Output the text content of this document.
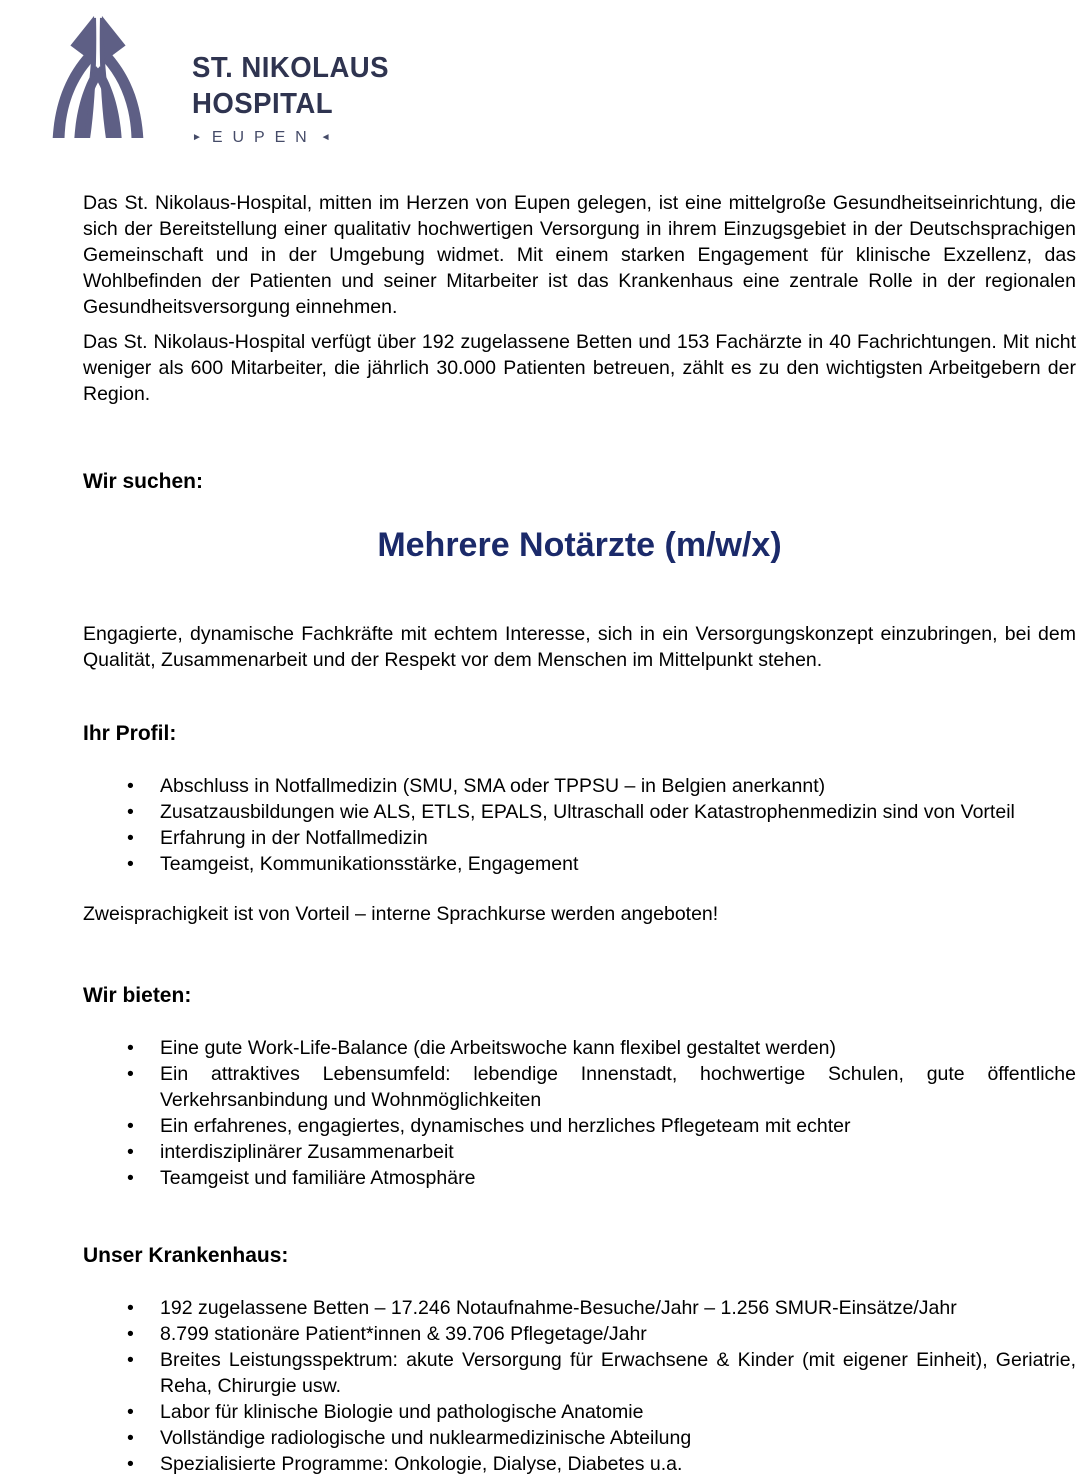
ST. NIKOLAUS
HOSPITAL
► EUPEN ◄

Das St. Nikolaus-Hospital, mitten im Herzen von Eupen gelegen, ist eine mittelgroße Gesundheitseinrichtung, die sich der Bereitstellung einer qualitativ hochwertigen Versorgung in ihrem Einzugsgebiet in der Deutschsprachigen Gemeinschaft und in der Umgebung widmet. Mit einem starken Engagement für klinische Exzellenz, das Wohlbefinden der Patienten und seiner Mitarbeiter ist das Krankenhaus eine zentrale Rolle in der regionalen Gesundheitsversorgung einnehmen.

Das St. Nikolaus-Hospital verfügt über 192 zugelassene Betten und 153 Fachärzte in 40 Fachrichtungen. Mit nicht weniger als 600 Mitarbeiter, die jährlich 30.000 Patienten betreuen, zählt es zu den wichtigsten Arbeitgebern der Region.

Wir suchen:

Mehrere Notärzte (m/w/x)

Engagierte, dynamische Fachkräfte mit echtem Interesse, sich in ein Versorgungskonzept einzubringen, bei dem Qualität, Zusammenarbeit und der Respekt vor dem Menschen im Mittelpunkt stehen.

Ihr Profil:

• Abschluss in Notfallmedizin (SMU, SMA oder TPPSU – in Belgien anerkannt)
• Zusatzausbildungen wie ALS, ETLS, EPALS, Ultraschall oder Katastrophenmedizin sind von Vorteil
• Erfahrung in der Notfallmedizin
• Teamgeist, Kommunikationsstärke, Engagement

Zweisprachigkeit ist von Vorteil – interne Sprachkurse werden angeboten!

Wir bieten:

• Eine gute Work-Life-Balance (die Arbeitswoche kann flexibel gestaltet werden)
• Ein attraktives Lebensumfeld: lebendige Innenstadt, hochwertige Schulen, gute öffentliche Verkehrsanbindung und Wohnmöglichkeiten
• Ein erfahrenes, engagiertes, dynamisches und herzliches Pflegeteam mit echter
• interdisziplinärer Zusammenarbeit
• Teamgeist und familiäre Atmosphäre

Unser Krankenhaus:

• 192 zugelassene Betten – 17.246 Notaufnahme-Besuche/Jahr – 1.256 SMUR-Einsätze/Jahr
• 8.799 stationäre Patient*innen & 39.706 Pflegetage/Jahr
• Breites Leistungsspektrum: akute Versorgung für Erwachsene & Kinder (mit eigener Einheit), Geriatrie, Reha, Chirurgie usw.
• Labor für klinische Biologie und pathologische Anatomie
• Vollständige radiologische und nuklearmedizinische Abteilung
• Spezialisierte Programme: Onkologie, Dialyse, Diabetes u.a.
